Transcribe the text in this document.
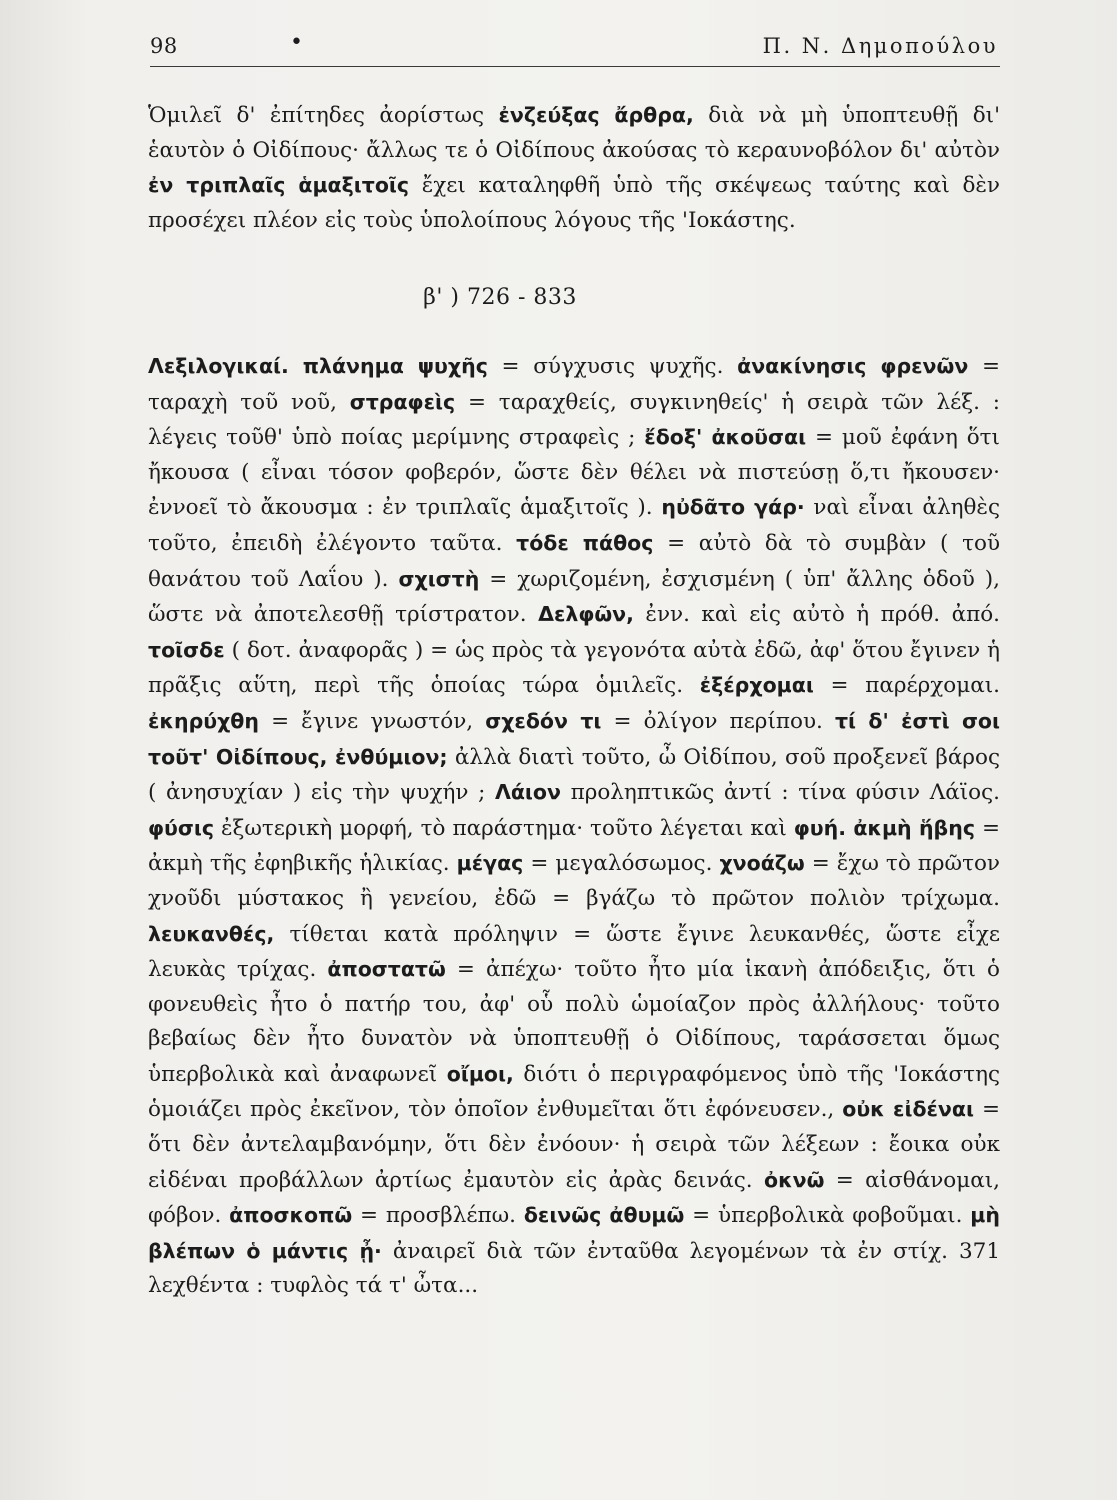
98	•	Π. Ν. Δημοπούλου

Ὁμιλεῖ δ' ἐπίτηδες ἀορίστως ἐνζεύξας ἄρθρα, διὰ νὰ μὴ ὑποπτευθῇ δι' ἑαυτὸν ὁ Οἰδίπους· ἄλλως τε ὁ Οἰδίπους ἀκούσας τὸ κεραυνοβόλον δι' αὐτὸν ἐν τριπλαῖς ἁμαξιτοῖς ἔχει καταληφθῆ ὑπὸ τῆς σκέψεως ταύτης καὶ δὲν προσέχει πλέον εἰς τοὺς ὑπολοίπους λόγους τῆς 'Ιοκάστης.

β' ) 726 - 833

Λεξιλογικαί. πλάνημα ψυχῆς = σύγχυσις ψυχῆς. ἀνακίνησις φρενῶν = ταραχὴ τοῦ νοῦ, στραφεὶς = ταραχθείς, συγκινηθείς' ἡ σειρὰ τῶν λέξ. : λέγεις τοῦθ' ὑπὸ ποίας μερίμνης στραφεὶς ; ἔδοξ' ἀκοῦσαι = μοῦ ἐφάνη ὅτι ἤκουσα ( εἶναι τόσον φοβερόν, ὥστε δὲν θέλει νὰ πιστεύσῃ ὅ,τι ἤκουσεν· ἐννοεῖ τὸ ἄκουσμα : ἐν τριπλαῖς ἁμαξιτοῖς ). ηὐδᾶτο γάρ· ναὶ εἶναι ἀληθὲς τοῦτο, ἐπειδὴ ἐλέγοντο ταῦτα. τόδε πάθος = αὐτὸ δὰ τὸ συμβὰν ( τοῦ θανάτου τοῦ Λαΐου ). σχιστὴ = χωριζομένη, ἐσχισμένη ( ὑπ' ἄλλης ὁδοῦ ), ὥστε νὰ ἀποτελεσθῇ τρίστρατον. Δελφῶν, ἐνν. καὶ εἰς αὐτὸ ἡ πρόθ. ἀπό. τοῖσδε ( δοτ. ἀναφορᾶς ) = ὡς πρὸς τὰ γεγονότα αὐτὰ ἐδῶ, ἀφ' ὅτου ἔγινεν ἡ πρᾶξις αὕτη, περὶ τῆς ὁποίας τώρα ὁμιλεῖς. ἐξέρχομαι = παρέρχομαι. ἐκηρύχθη = ἔγινε γνωστόν, σχεδόν τι = ὀλίγον περίπου. τί δ' ἐστὶ σοι τοῦτ' Οἰδίπους, ἐνθύμιον; ἀλλὰ διατὶ τοῦτο, ὦ Οἰδίπου, σοῦ προξενεῖ βάρος ( ἀνησυχίαν ) εἰς τὴν ψυχήν ; Λάιον προληπτικῶς ἀντί : τίνα φύσιν Λάϊος. φύσις ἐξωτερικὴ μορφή, τὸ παράστημα· τοῦτο λέγεται καὶ φυή. ἀκμὴ ἥβης = ἀκμὴ τῆς ἐφηβικῆς ἡλικίας. μέγας = μεγαλόσωμος. χνοάζω = ἔχω τὸ πρῶτον χνοῦδι μύστακος ἢ γενείου, ἐδῶ = βγάζω τὸ πρῶτον πολιὸν τρίχωμα. λευκανθές, τίθεται κατὰ πρόληψιν = ὥστε ἔγινε λευκανθές, ὥστε εἶχε λευκὰς τρίχας. ἀποστατῶ = ἀπέχω· τοῦτο ἦτο μία ἱκανὴ ἀπόδειξις, ὅτι ὁ φονευθεὶς ἦτο ὁ πατήρ του, ἀφ' οὗ πολὺ ὡμοίαζον πρὸς ἀλλήλους· τοῦτο βεβαίως δὲν ἦτο δυνατὸν νὰ ὑποπτευθῇ ὁ Οἰδίπους, ταράσσεται ὅμως ὑπερβολικὰ καὶ ἀναφωνεῖ οἴμοι, διότι ὁ περιγραφόμενος ὑπὸ τῆς 'Ιοκάστης ὁμοιάζει πρὸς ἐκεῖνον, τὸν ὁποῖον ἐνθυμεῖται ὅτι ἐφόνευσεν., οὐκ εἰδέναι = ὅτι δὲν ἀντελαμβανόμην, ὅτι δὲν ἐνόουν· ἡ σειρὰ τῶν λέξεων : ἔοικα οὐκ εἰδέναι προβάλλων ἀρτίως ἐμαυτὸν εἰς ἀρὰς δεινάς. ὀκνῶ = αἰσθάνομαι, φόβον. ἀποσκοπῶ = προσβλέπω. δεινῶς ἀθυμῶ = ὑπερβολικὰ φοβοῦμαι. μὴ βλέπων ὁ μάντις ᾖ· ἀναιρεῖ διὰ τῶν ἐνταῦθα λεγομένων τὰ ἐν στίχ. 371 λεχθέντα : τυφλὸς τά τ' ὦτα...
